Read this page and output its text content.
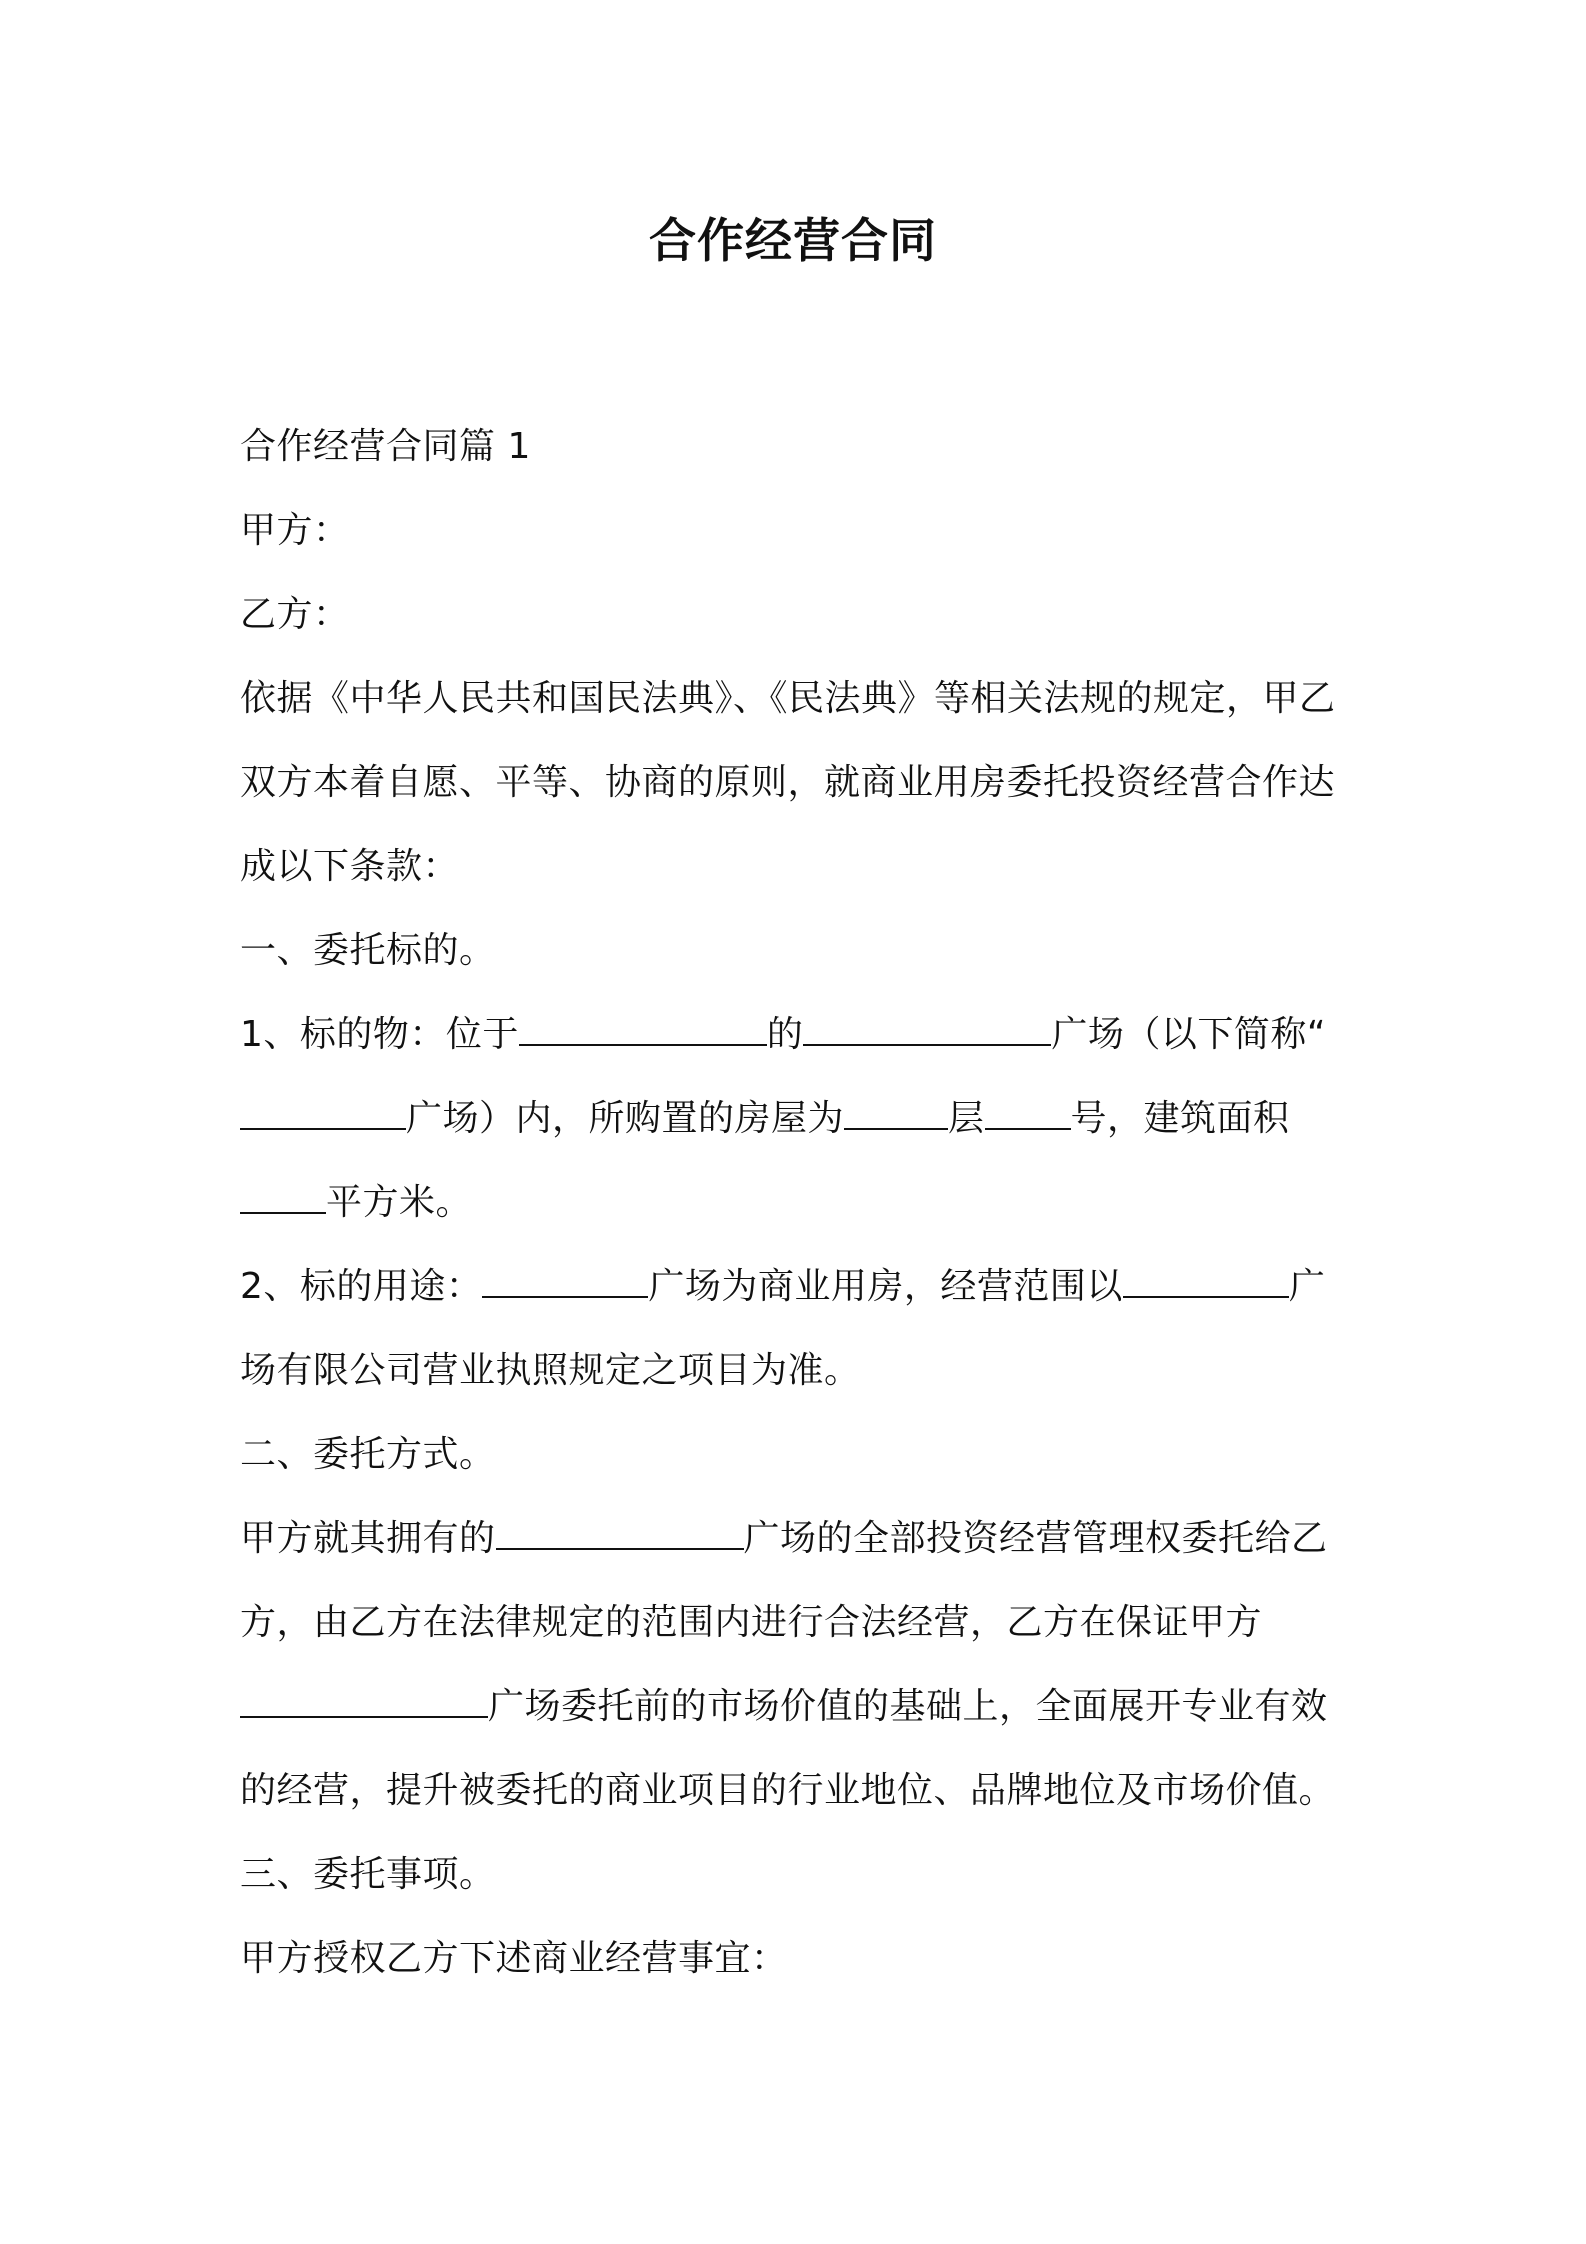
合作经营合同

合作经营合同篇 1

甲方：

乙方：

依据《中华人民共和国民法典》、《民法典》等相关法规的规定，甲乙双方本着自愿、平等、协商的原则，就商业用房委托投资经营合作达成以下条款：

一、委托标的。

1、标的物：位于	的	广场（以下简称“广场）内，所购置的房屋为	层 号，建筑面积平方米。

2、标的用途：	广场为商业用房，经营范围以	广场有限公司营业执照规定之项目为准。

二、委托方式。

甲方就其拥有的	广场的全部投资经营管理权委托给乙方，由乙方在法律规定的范围内进行合法经营，乙方在保证甲方广场委托前的市场价值的基础上，全面展开专业有效的经营，提升被委托的商业项目的行业地位、品牌地位及市场价值。

三、委托事项。

甲方授权乙方下述商业经营事宜：
